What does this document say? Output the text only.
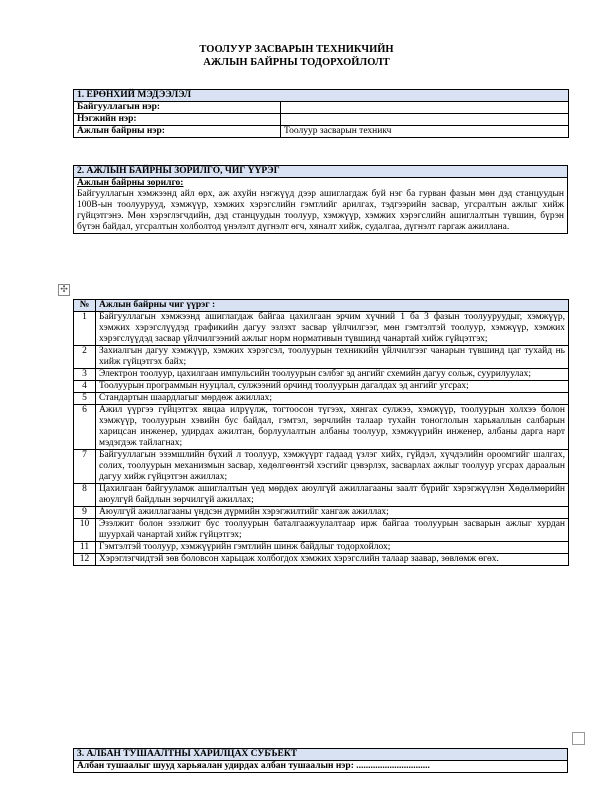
ТООЛУУР ЗАСВАРЫН ТЕХНИКЧИЙН
АЖЛЫН БАЙРНЫ ТОДОРХОЙЛОЛТ
1. ЕРӨНХИЙ МЭДЭЭЛЭЛ	
Байгууллагын нэр:	
Нэгжийн нэр:	
Ажлын байрны нэр:	Тоолуур засварын техникч
2. АЖЛЫН БАЙРНЫ ЗОРИЛГО, ЧИГ ҮҮРЭГ

Ажлын байрны зорилго:
Байгууллагын хэмжээнд айл өрх, аж ахуйн нэгжүүд дээр ашиглагдаж буй нэг ба гурван фазын мөн дэд станцуудын 100В-ын тоолуурууд, хэмжүүр, хэмжих хэрэгслийн гэмтлийг арилгах, тэдгээрийн засвар, угсралтын ажлыг хийж гүйцэтгэнэ. Мөн хэрэглэгчдийн, дэд станцуудын тоолуур, хэмжүүр, хэмжих хэрэгслийн ашиглалтын түвшин, бүрэн бүтэн байдал, угсралтын холболтод үнэлэлт дүгнэлт өгч, хяналт хийж, судалгаа, дүгнэлт гаргаж ажиллана.
✣
№	Ажлын байрны чиг үүрэг :
1	Байгууллагын хэмжээнд ашиглагдаж байгаа цахилгаан эрчим хүчний 1 ба 3 фазын тоолууруудыг, хэмжүүр, хэмжих хэрэгслүүдэд графикийн дагуу эзлэхт засвар үйлчилгээг, мөн гэмтэлтэй тоолуур, хэмжүүр, хэмжих хэрэгслүүдэд засвар үйлчилгээний ажлыг норм нормативын түвшинд чанартай хийж гүйцэтгэх;
2	Захиалгын дагуу хэмжүүр, хэмжих хэрэгсэл, тоолуурын техникийн үйлчилгээг чанарын түвшинд цаг тухайд нь хийж гүйцэтгэх байх;
3	Электрон тоолуур, цахилгаан импульсийн тоолуурын сэлбэг эд ангийг схемийн дагуу сольж, суурилуулах;
4	Тоолуурын программын нууцлал, сулжээний орчинд тоолуурын дагалдах эд ангийг угсрах;
5	Стандартын шаардлагыг мөрдөж ажиллах;
6	Ажил үүргээ гүйцэтгэх явцаа илрүүлж, тогтоосон түгээх, хянгах сулжээ, хэмжүүр, тоолуурын холхээ болон хэмжүүр, тоолуурын хэвийн бус байдал, гэмтэл, зөрчлийн талаар тухайн тоноглолын харьяаллын салбарын харицсан инженер, удирдах ажилтан, борлуулалтын албаны тоолуур, хэмжүүрийн инженер, албаны дарга нарт мэдэгдэж тайлагнах;
7	Байгууллагын эзэмшлийн бүхий л тоолуур, хэмжүүрт гадаад үзлэг хийх, гүйдэл, хүчдэлийн ороомгийг шалгах, солих, тоолуурын механизмын засвар, хөдөлгөөнтэй хэсгийг цэвэрлэх, засварлах ажлыг тоолуур угсрах дараалын дагуу хийж гүйцэтгэн ажиллах;
8	Цахилгаан байгууламж ашиглалтын үед мөрдөх аюулгүй ажиллагааны заалт бүрийг хэрэгжүүлэн Хөдөлмөрийн аюулгүй байдлын зөрчилгүй ажиллах;
9	Аюулгүй ажиллагааны үндсэн дүрмийн хэрэгжилтийг хангаж ажиллах;
10	Эзэлжит болон эзэлжит бус тоолуурын баталгаажуулалтаар ирж байгаа тоолуурын засварын ажлыг хурдан шуурхай чанартай хийж гүйцэтгэх;
11	Гэмтэлтэй тоолуур, хэмжүүрийн гэмтлийн шинж байдлыг тодорхойлох;
12	Хэрэглэгчидтэй зөв боловсон харьцаж холбогдох хэмжих хэрэгслийн талаар заавар, зөвлөмж өгөх.
3. АЛБАН ТУШААЛТНЫ ХАРИЛЦАХ СУБЪЕКТ
Албан тушаалыг шууд харьяалан удирдах албан тушаалын нэр: ...............................
